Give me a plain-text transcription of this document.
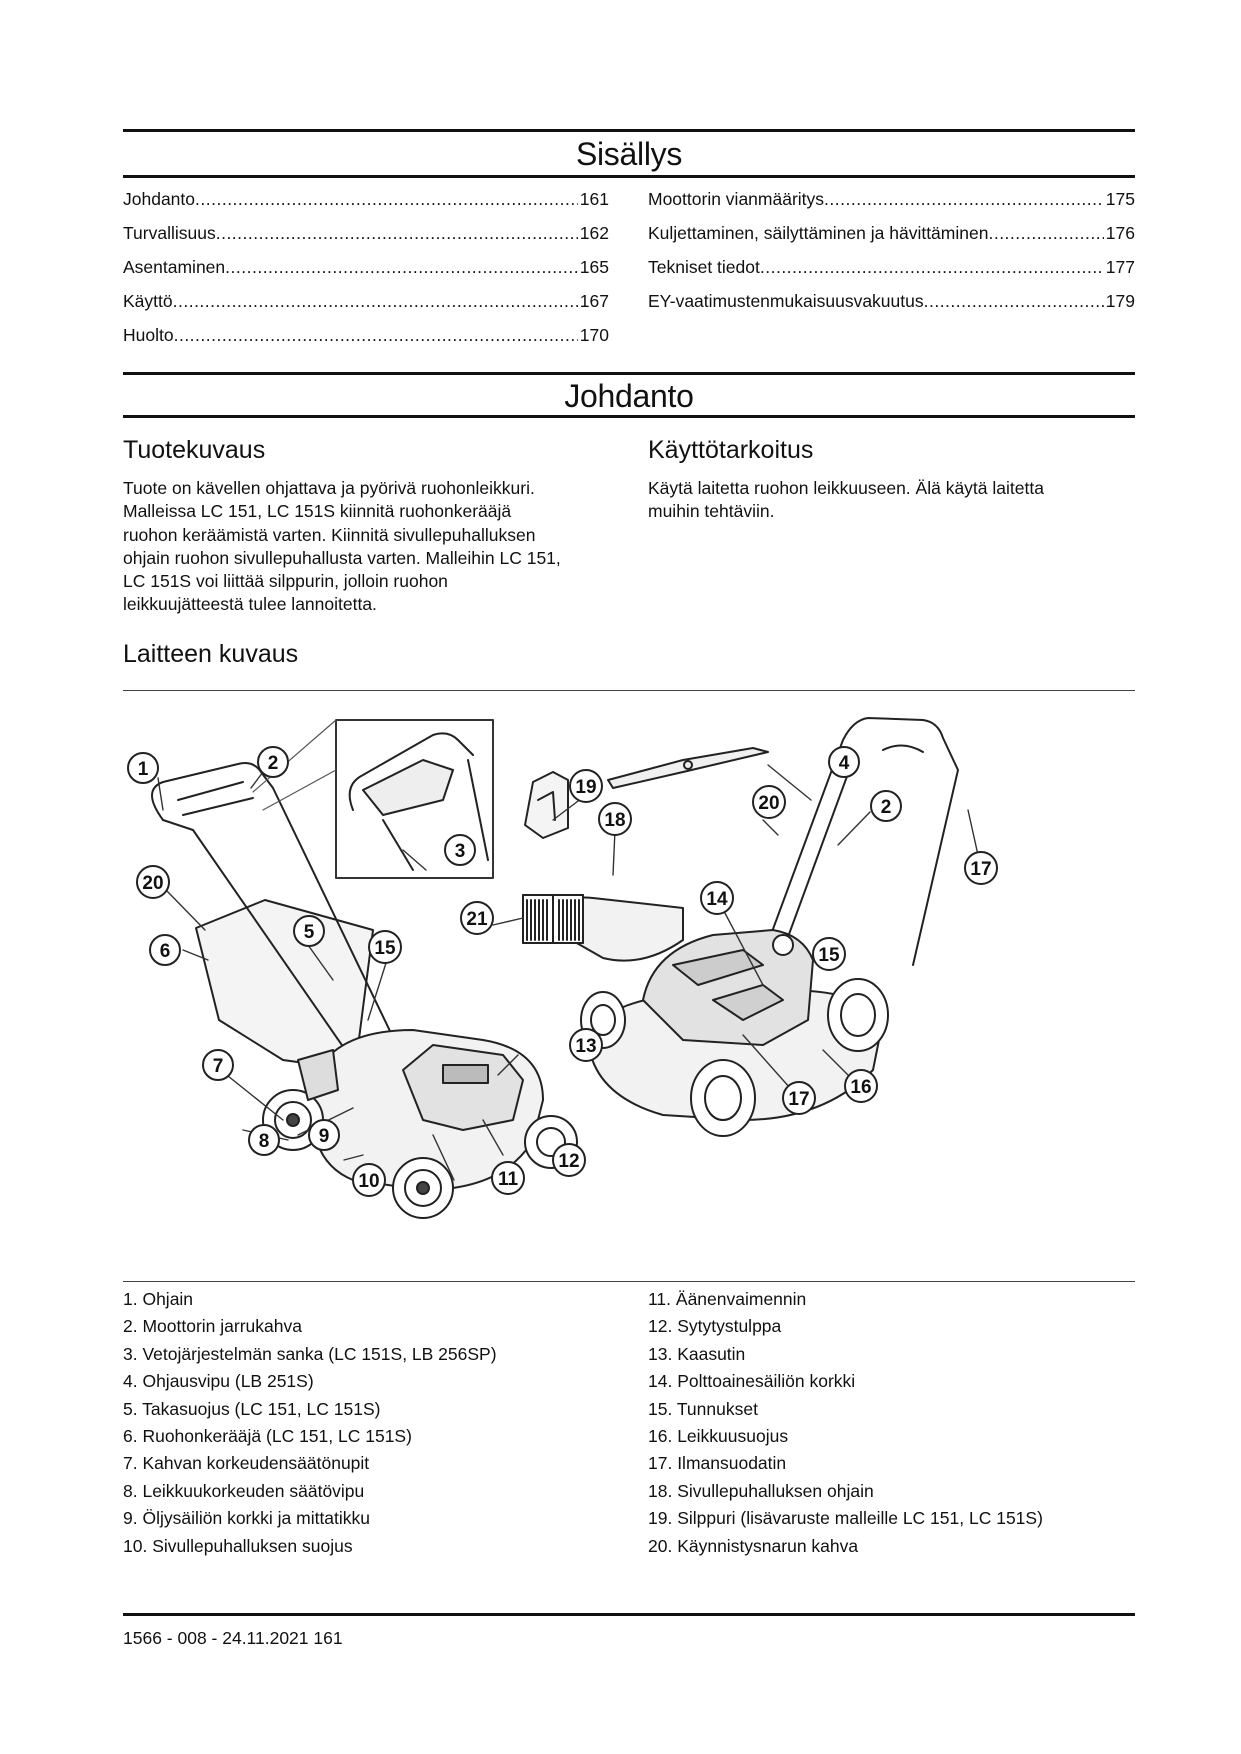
Sisällys
Johdanto .....	161
Turvallisuus .....	162
Asentaminen .....	165
Käyttö .....	167
Huolto .....	170
Moottorin vianmääritys .....	175
Kuljettaminen, säilyttäminen ja hävittäminen .....	176
Tekniset tiedot .....	177
EY-vaatimustenmukaisuusvakuutus .....	179
Johdanto
Tuotekuvaus
Tuote on kävellen ohjattava ja pyörivä ruohonleikkuri.
Malleissa LC 151, LC 151S kiinnitä ruohonkerääjä
ruohon keräämistä varten. Kiinnitä sivullepuhalluksen
ohjain ruohon sivullepuhallusta varten. Malleihin LC 151,
LC 151S voi liittää silppurin, jolloin ruohon
leikkuujätteestä tulee lannoitetta.
Käyttötarkoitus
Käytä laitetta ruohon leikkuuseen. Älä käytä laitetta
muihin tehtäviin.
Laitteen kuvaus
1	2
3
20
6
5
15
7
8	9
10	11
12
13
21
19
18
4
20	2
17
14
15
16
17
1. Ohjain
2. Moottorin jarrukahva
3. Vetojärjestelmän sanka (LC 151S, LB 256SP)
4. Ohjausvipu (LB 251S)
5. Takasuojus (LC 151, LC 151S)
6. Ruohonkerääjä (LC 151, LC 151S)
7. Kahvan korkeudensäätönupit
8. Leikkuukorkeuden säätövipu
9. Öljysäiliön korkki ja mittatikku
10. Sivullepuhalluksen suojus
11. Äänenvaimennin
12. Sytytystulppa
13. Kaasutin
14. Polttoainesäiliön korkki
15. Tunnukset
16. Leikkuusuojus
17. Ilmansuodatin
18. Sivullepuhalluksen ohjain
19. Silppuri (lisävaruste malleille LC 151, LC 151S)
20. Käynnistysnarun kahva
1566 - 008 - 24.11.2021 161
